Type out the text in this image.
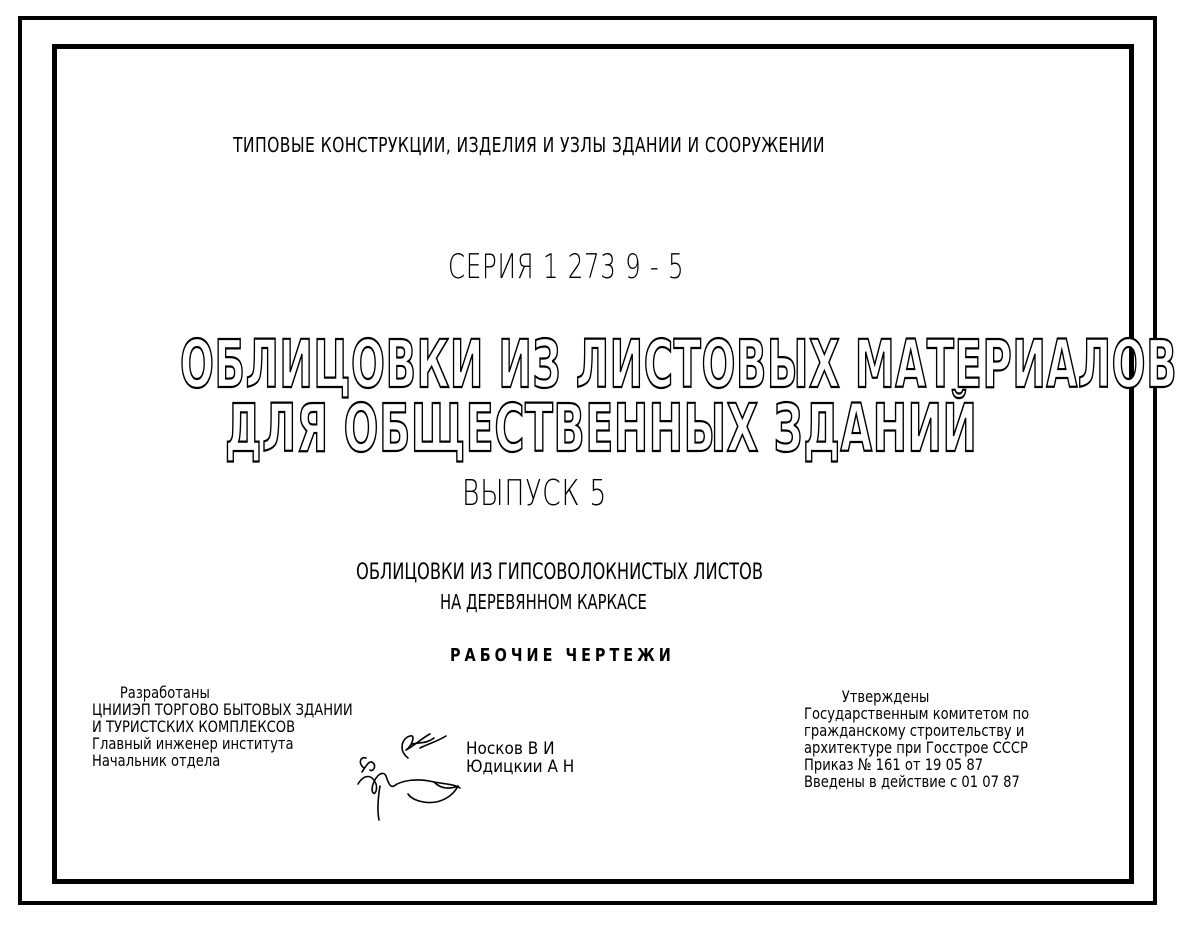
ТИПОВЫЕ КОНСТРУКЦИИ, ИЗДЕЛИЯ И УЗЛЫ ЗДАНИИ И СООРУЖЕНИИ
СЕРИЯ 1 273 9 - 5
ОБЛИЦОВКИ ИЗ ЛИСТОВЫХ МАТЕРИАЛОВ
ДЛЯ ОБЩЕСТВЕННЫХ ЗДАНИЙ
ВЫПУСК 5
ОБЛИЦОВКИ ИЗ ГИПСОВОЛОКНИСТЫХ ЛИСТОВ
НА ДЕРЕВЯННОМ КАРКАСЕ
РАБОЧИЕ ЧЕРТЕЖИ
Разработаны
ЦНИИЭП ТОРГОВО БЫТОВЫХ ЗДАНИИ
И ТУРИСТСКИХ КОМПЛЕКСОВ
Главный инженер института
Начальник отдела
Носков В И
Юдицкии А Н
Утверждены
Государственным комитетом по
гражданскому строительству и
архитектуре при Госстрое СССР
Приказ № 161 от 19 05 87
Введены в действие с 01 07 87
